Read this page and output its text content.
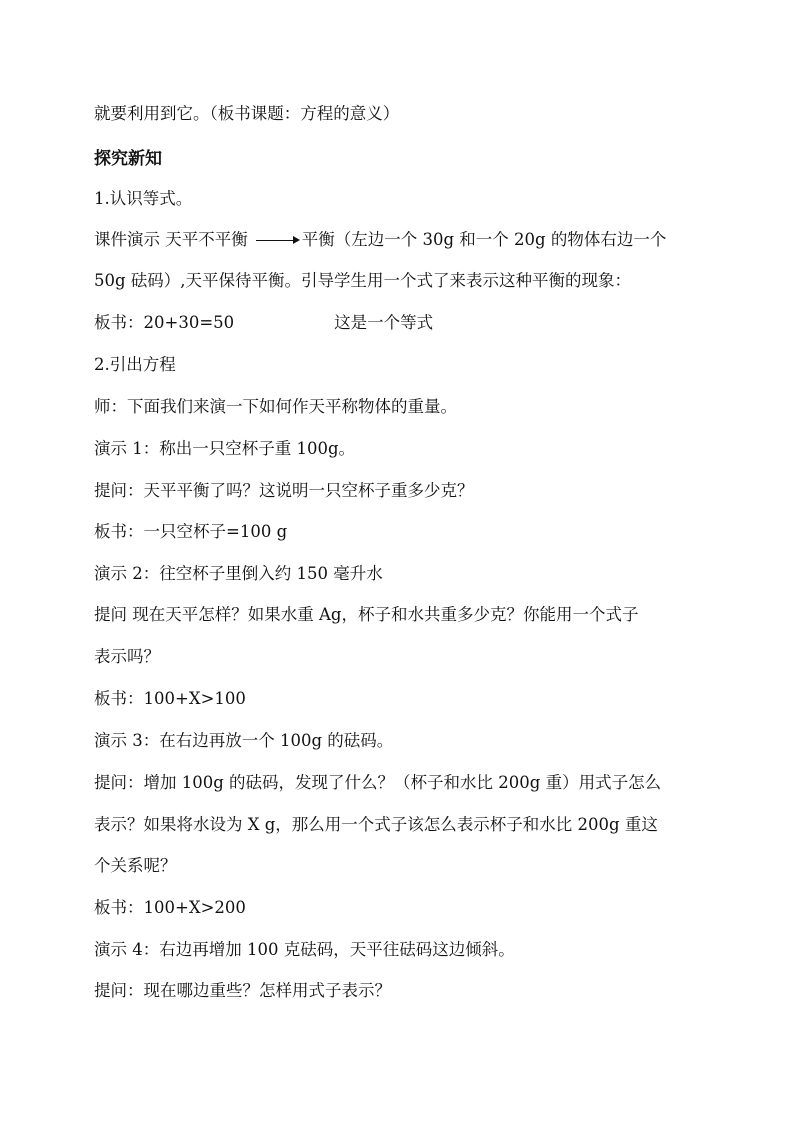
就要利用到它。（板书课题：方程的意义）
探究新知
1.认识等式。
课件演示 天平不平衡	平衡（左边一个 30g 和一个 20g 的物体右边一个
50g 砝码）,天平保待平衡。引导学生用一个式了来表示这种平衡的现象：
板书：20+30=50	这是一个等式
2.引出方程
师：下面我们来演一下如何作天平称物体的重量。
演示 1：称出一只空杯子重 100g。
提问：天平平衡了吗？这说明一只空杯子重多少克？
板书：一只空杯子=100 g
演示 2：往空杯子里倒入约 150 毫升水
提问 现在天平怎样？如果水重 Ag，杯子和水共重多少克？你能用一个式子
表示吗？
板书：100+X>100
演示 3：在右边再放一个 100g 的砝码。
提问：增加 100g 的砝码，发现了什么？（杯子和水比 200g 重）用式子怎么
表示？如果将水设为 X g，那么用一个式子该怎么表示杯子和水比 200g 重这
个关系呢？
板书：100+X>200
演示 4：右边再增加 100 克砝码，天平往砝码这边倾斜。
提问：现在哪边重些？怎样用式子表示？
